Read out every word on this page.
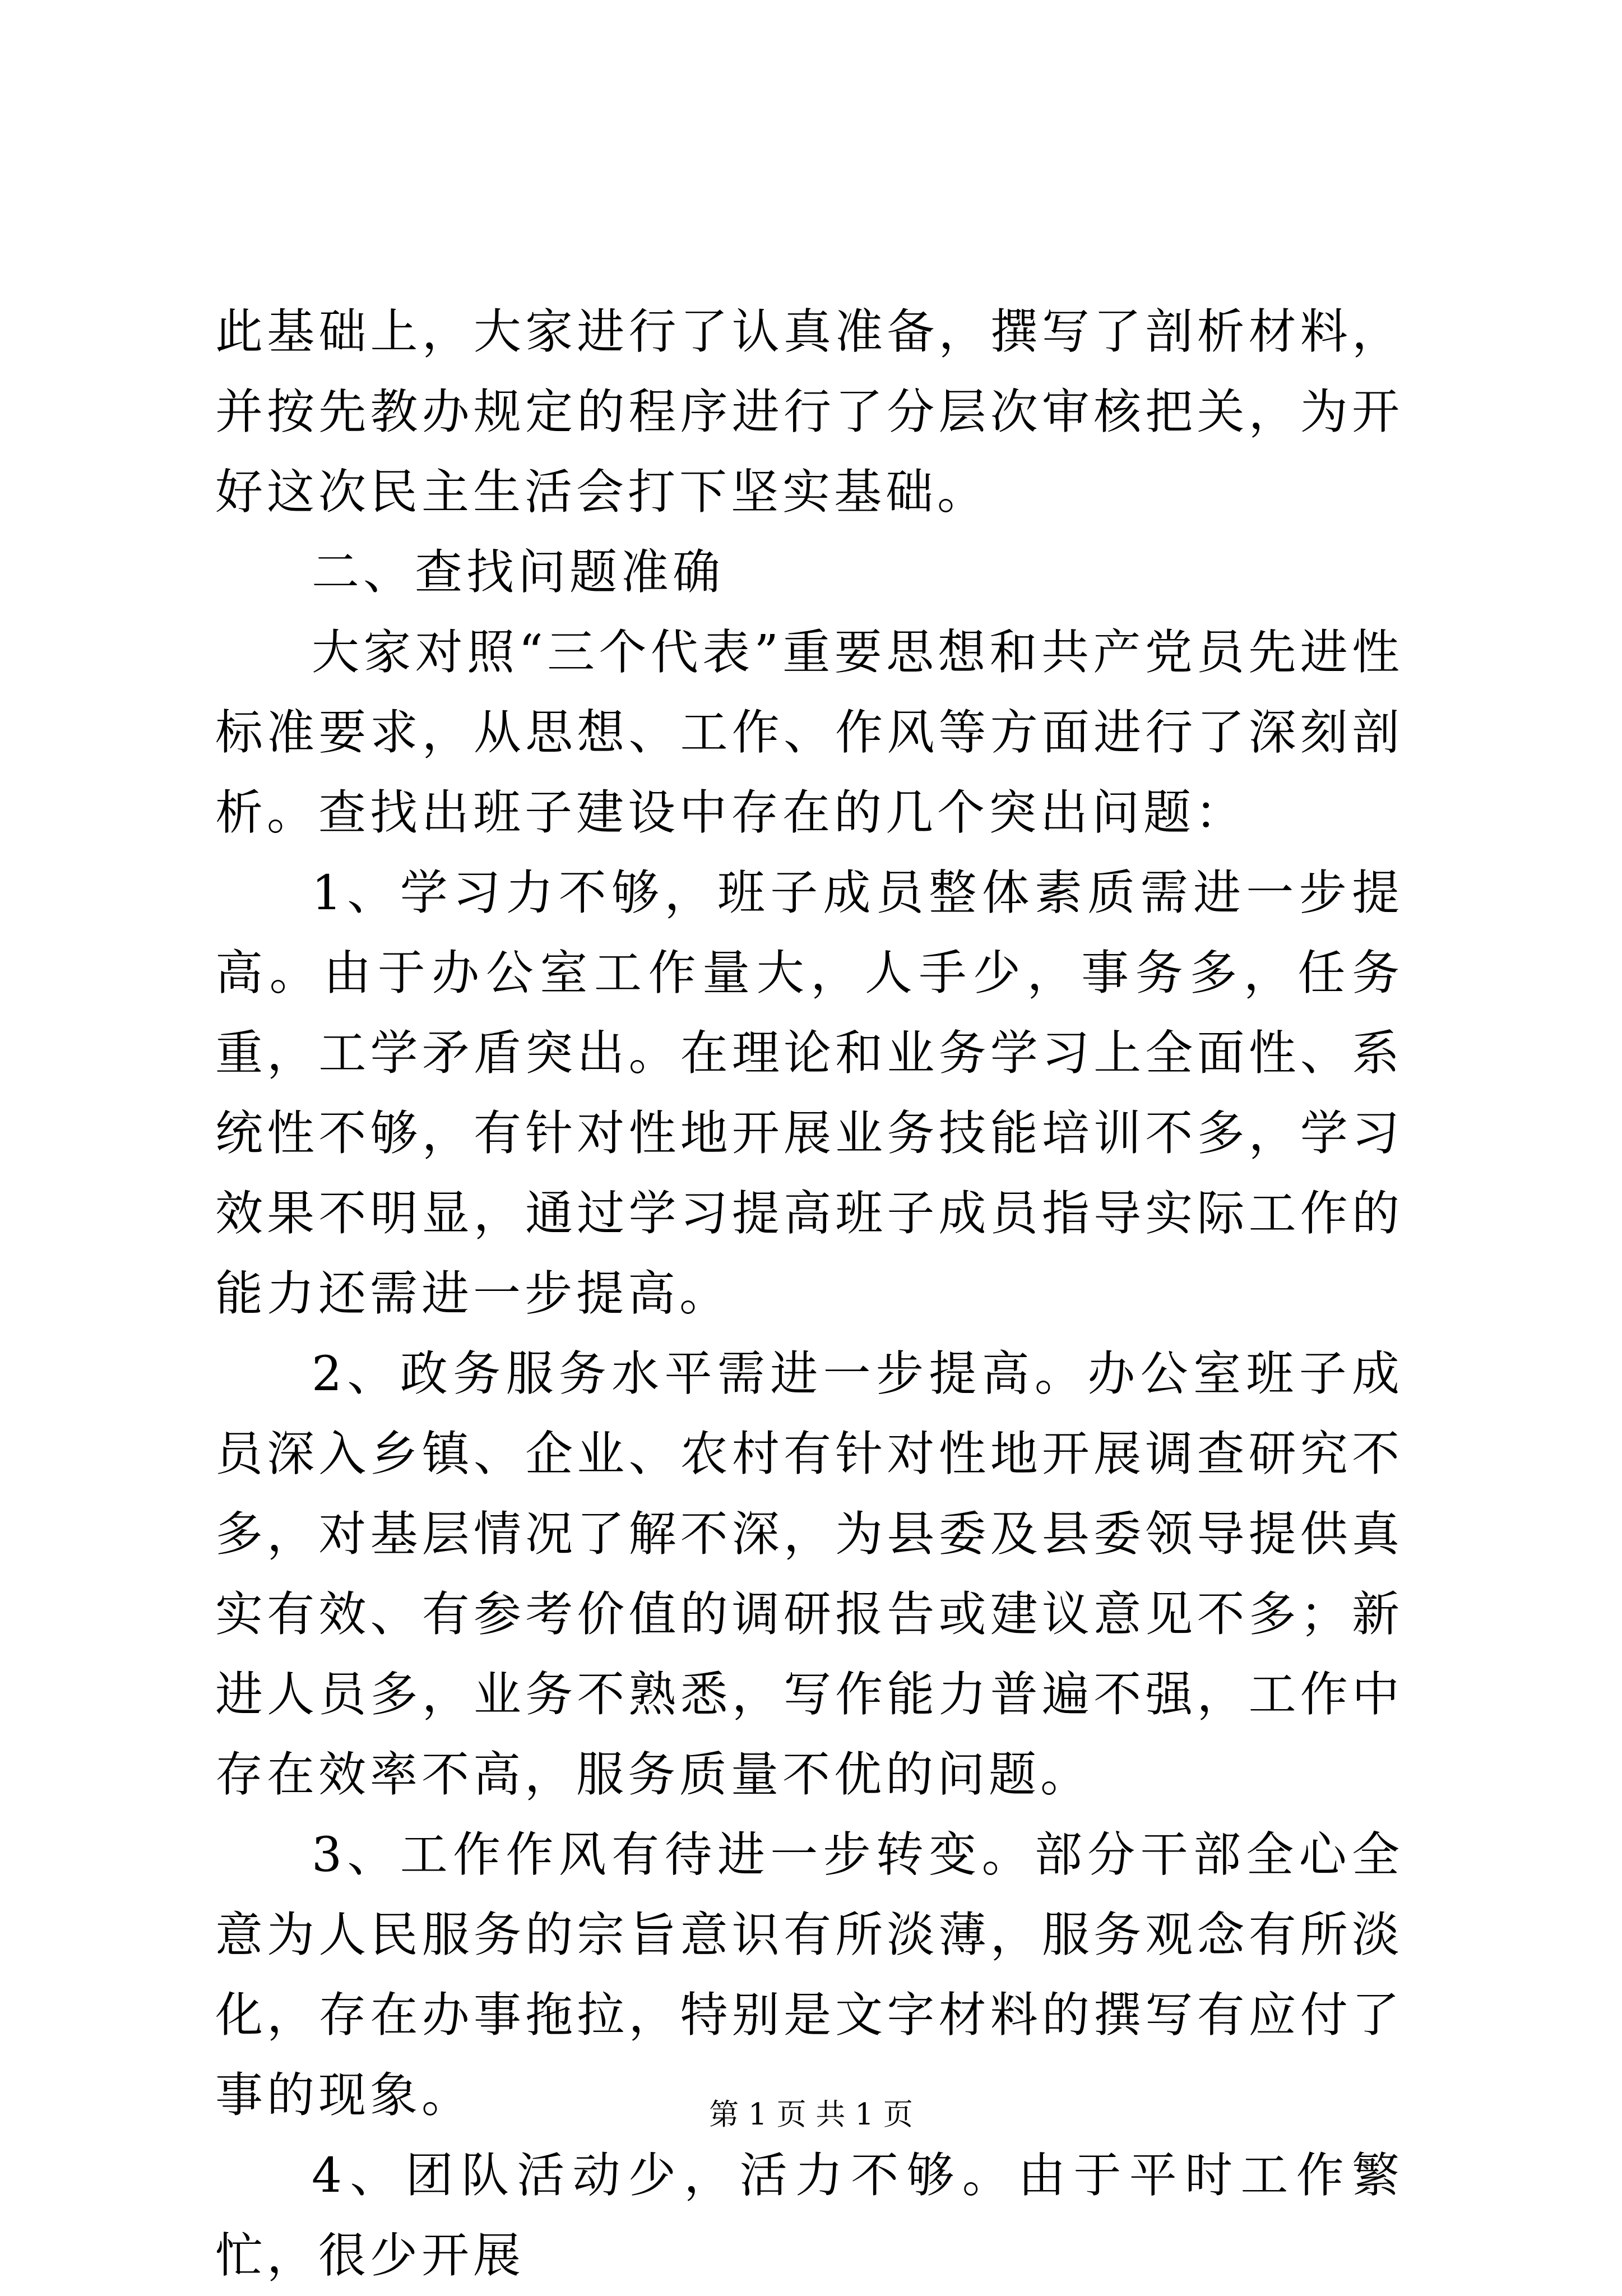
此基础上，大家进行了认真准备，撰写了剖析材料，并按先教办规定的程序进行了分层次审核把关，为开好这次民主生活会打下坚实基础。

二、查找问题准确

大家对照“三个代表”重要思想和共产党员先进性标准要求，从思想、工作、作风等方面进行了深刻剖析。查找出班子建设中存在的几个突出问题：

1、学习力不够，班子成员整体素质需进一步提高。由于办公室工作量大，人手少，事务多，任务重，工学矛盾突出。在理论和业务学习上全面性、系统性不够，有针对性地开展业务技能培训不多，学习效果不明显，通过学习提高班子成员指导实际工作的能力还需进一步提高。

2、政务服务水平需进一步提高。办公室班子成员深入乡镇、企业、农村有针对性地开展调查研究不多，对基层情况了解不深，为县委及县委领导提供真实有效、有参考价值的调研报告或建议意见不多；新进人员多，业务不熟悉，写作能力普遍不强，工作中存在效率不高，服务质量不优的问题。

3、工作作风有待进一步转变。部分干部全心全意为人民服务的宗旨意识有所淡薄，服务观念有所淡化，存在办事拖拉，特别是文字材料的撰写有应付了事的现象。

4、团队活动少，活力不够。由于平时工作繁忙，很少开展

第 1 页 共 1 页
